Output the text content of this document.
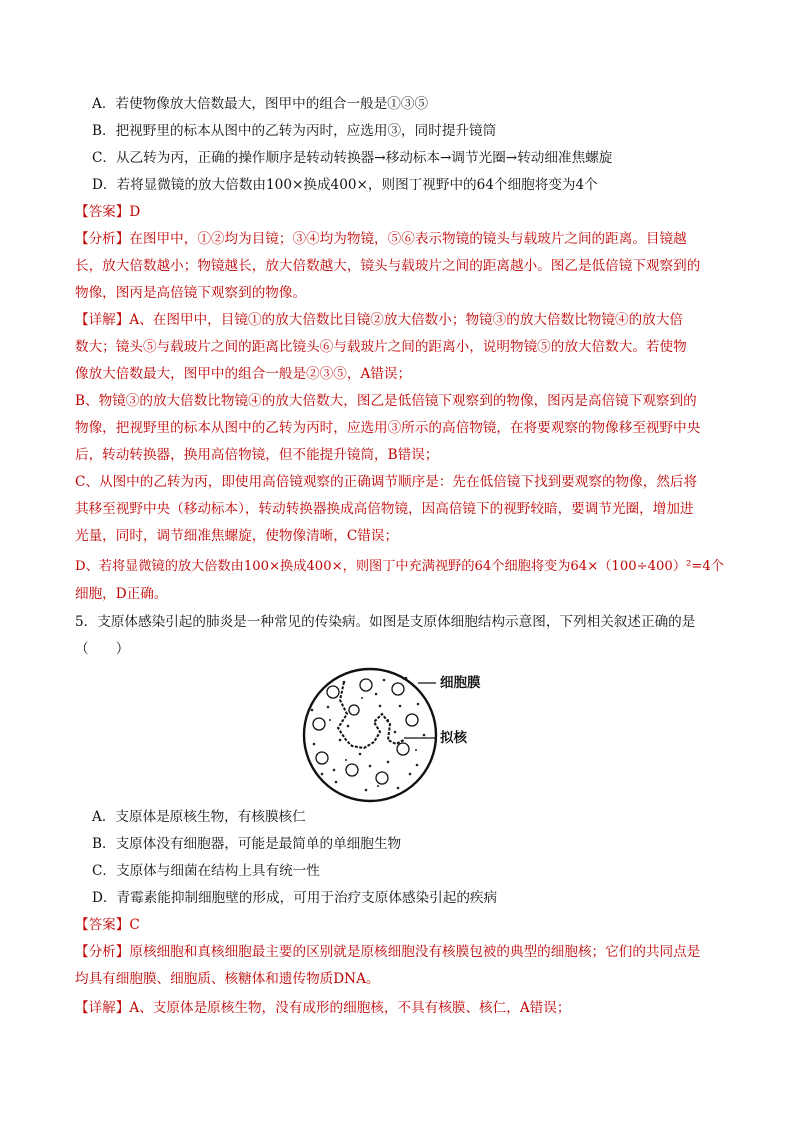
A．若使物像放大倍数最大，图甲中的组合一般是①③⑤
B．把视野里的标本从图中的乙转为丙时，应选用③，同时提升镜筒
C．从乙转为丙，正确的操作顺序是转动转换器→移动标本→调节光圈→转动细准焦螺旋
D．若将显微镜的放大倍数由100×换成400×，则图丁视野中的64个细胞将变为4个
【答案】D
【分析】在图甲中，①②均为目镜；③④均为物镜，⑤⑥表示物镜的镜头与载玻片之间的距离。目镜越
长，放大倍数越小；物镜越长，放大倍数越大，镜头与载玻片之间的距离越小。图乙是低倍镜下观察到的
物像，图丙是高倍镜下观察到的物像。
【详解】A、在图甲中，目镜①的放大倍数比目镜②放大倍数小；物镜③的放大倍数比物镜④的放大倍
数大；镜头⑤与载玻片之间的距离比镜头⑥与载玻片之间的距离小，说明物镜⑤的放大倍数大。若使物
像放大倍数最大，图甲中的组合一般是②③⑤，A错误；
B、物镜③的放大倍数比物镜④的放大倍数大，图乙是低倍镜下观察到的物像，图丙是高倍镜下观察到的
物像，把视野里的标本从图中的乙转为丙时，应选用③所示的高倍物镜，在将要观察的物像移至视野中央
后，转动转换器，换用高倍物镜，但不能提升镜筒，B错误；
C、从图中的乙转为丙，即使用高倍镜观察的正确调节顺序是：先在低倍镜下找到要观察的物像，然后将
其移至视野中央（移动标本），转动转换器换成高倍物镜，因高倍镜下的视野较暗，要调节光圈，增加进
光量，同时，调节细准焦螺旋，使物像清晰，C错误；
D、若将显微镜的放大倍数由100×换成400×，则图丁中充满视野的64个细胞将变为64×（100÷400）²=4个
细胞，D正确。
5．支原体感染引起的肺炎是一种常见的传染病。如图是支原体细胞结构示意图，下列相关叙述正确的是
（　　）
细胞膜
拟核
A．支原体是原核生物，有核膜核仁
B．支原体没有细胞器，可能是最简单的单细胞生物
C．支原体与细菌在结构上具有统一性
D．青霉素能抑制细胞壁的形成，可用于治疗支原体感染引起的疾病
【答案】C
【分析】原核细胞和真核细胞最主要的区别就是原核细胞没有核膜包被的典型的细胞核；它们的共同点是
均具有细胞膜、细胞质、核糖体和遗传物质DNA。
【详解】A、支原体是原核生物，没有成形的细胞核，不具有核膜、核仁，A错误；
